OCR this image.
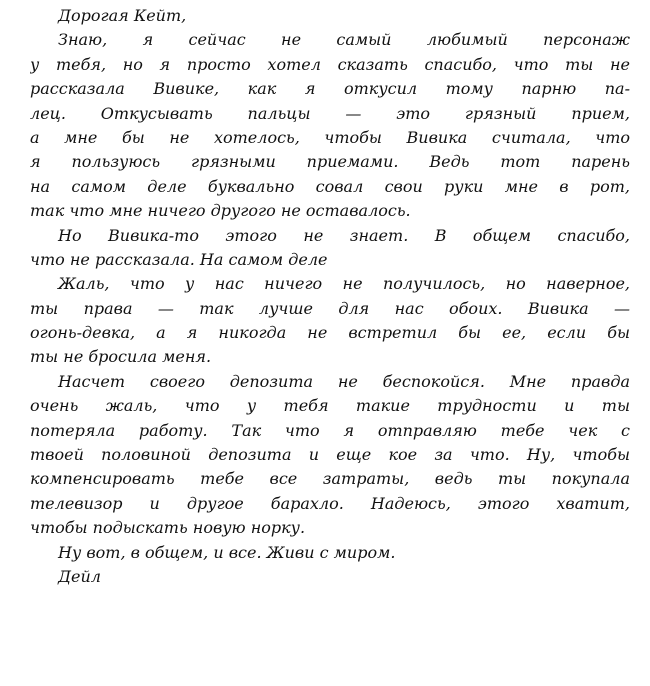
Дорогая Кейт,
Знаю, я сейчас не самый любимый персонаж
у тебя, но я просто хотел сказать спасибо, что ты не
рассказала Вивике, как я откусил тому парню па-
лец. Откусывать пальцы — это грязный прием,
а мне бы не хотелось, чтобы Вивика считала, что
я пользуюсь грязными приемами. Ведь тот парень
на самом деле буквально совал свои руки мне в рот,
так что мне ничего другого не оставалось.
Но Вивика-то этого не знает. В общем спасибо,
что не рассказала. На самом деле
Жаль, что у нас ничего не получилось, но наверное,
ты права — так лучше для нас обоих. Вивика —
огонь-девка, а я никогда не встретил бы ее, если бы
ты не бросила меня.
Насчет своего депозита не беспокойся. Мне правда
очень жаль, что у тебя такие трудности и ты
потеряла работу. Так что я отправляю тебе чек с
твоей половиной депозита и еще кое за что. Ну, чтобы
компенсировать тебе все затраты, ведь ты покупала
телевизор и другое барахло. Надеюсь, этого хватит,
чтобы подыскать новую норку.
Ну вот, в общем, и все. Живи с миром.
Дейл
